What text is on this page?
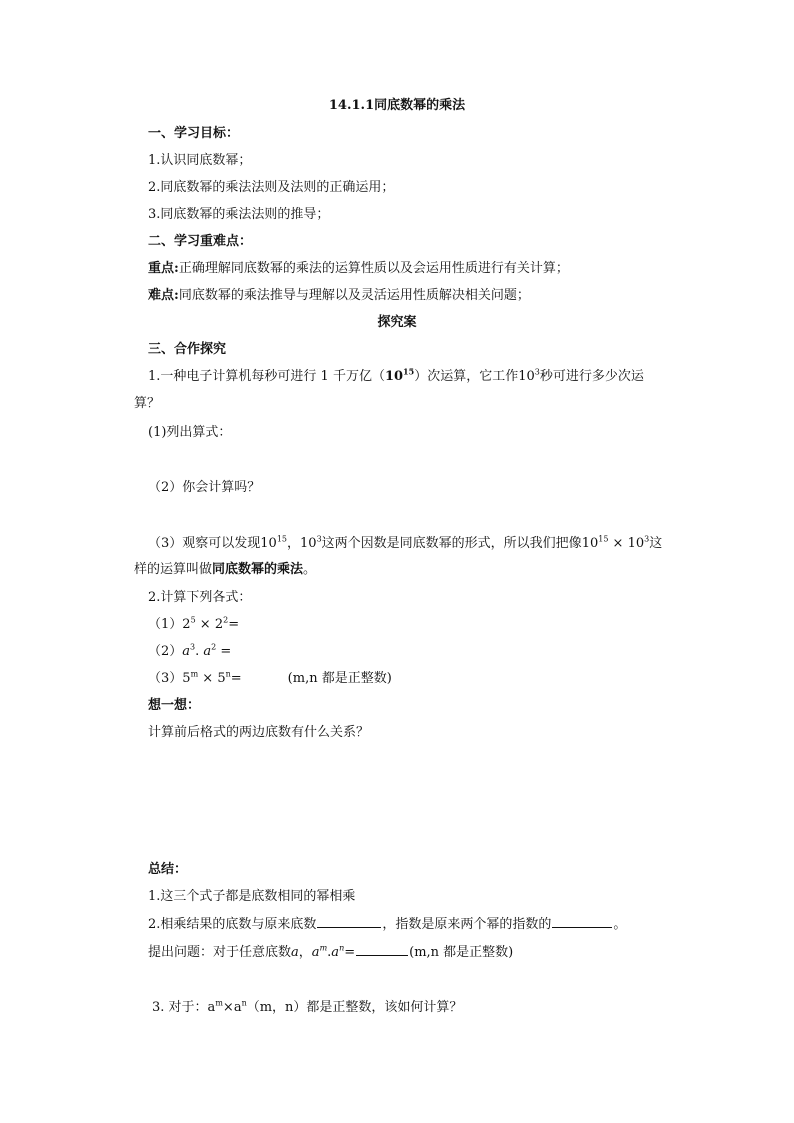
14.1.1同底数幂的乘法
一、学习目标：
1.认识同底数幂；
2.同底数幂的乘法法则及法则的正确运用；
3.同底数幂的乘法法则的推导；
二、学习重难点：
重点:正确理解同底数幂的乘法的运算性质以及会运用性质进行有关计算；
难点:同底数幂的乘法推导与理解以及灵活运用性质解决相关问题；
探究案
三、合作探究
1.一种电子计算机每秒可进行 1 千万亿$(10^{15})$次运算，它工作$10^3$秒可进行多少次运
算？
(1)列出算式：
（2）你会计算吗？
（3）观察可以发现$10^{15}$，$10^3$这两个因数是同底数幂的形式，所以我们把像$10^{15} \times 10^3$这
样的运算叫做同底数幂的乘法。
2.计算下列各式：
$(1)2^5 \times 2^2=$
$(2)a^3$. $a^2$ =
$(3)5^m \times 5^n=$	(m,n 都是正整数)
想一想：
计算前后格式的两边底数有什么关系？
总结：
1.这三个式子都是底数相同的幂相乘
2.相乘结果的底数与原来底数	，指数是原来两个幂的指数的	。
提出问题：对于任意底数a，$a^m.a^n=$	(m,n 都是正整数)
3. 对于：$a^m\times a^n(m$，n）都是正整数，该如何计算？
